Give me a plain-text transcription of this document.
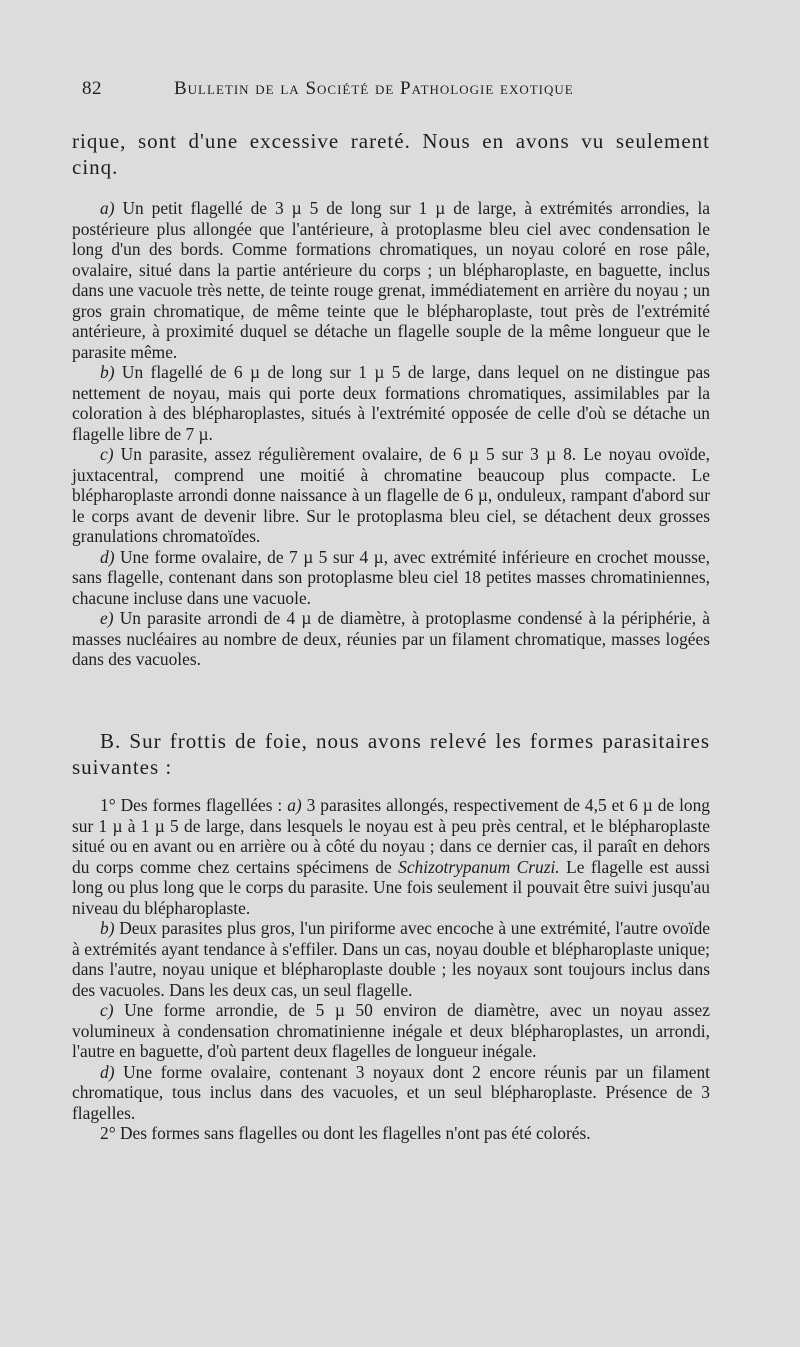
82	Bulletin de la Société de Pathologie exotique

rique, sont d'une excessive rareté. Nous en avons vu seulement cinq.

a) Un petit flagellé de 3 µ 5 de long sur 1 µ de large, à extrémités arrondies, la postérieure plus allongée que l'antérieure, à protoplasme bleu ciel avec condensation le long d'un des bords. Comme formations chromatiques, un noyau coloré en rose pâle, ovalaire, situé dans la partie antérieure du corps ; un blépharoplaste, en baguette, inclus dans une vacuole très nette, de teinte rouge grenat, immédiatement en arrière du noyau ; un gros grain chromatique, de même teinte que le blépharoplaste, tout près de l'extrémité antérieure, à proximité duquel se détache un flagelle souple de la même longueur que le parasite même.

b) Un flagellé de 6 µ de long sur 1 µ 5 de large, dans lequel on ne distingue pas nettement de noyau, mais qui porte deux formations chromatiques, assimilables par la coloration à des blépharoplastes, situés à l'extrémité opposée de celle d'où se détache un flagelle libre de 7 µ.

c) Un parasite, assez régulièrement ovalaire, de 6 µ 5 sur 3 µ 8. Le noyau ovoïde, juxtacentral, comprend une moitié à chromatine beaucoup plus compacte. Le blépharoplaste arrondi donne naissance à un flagelle de 6 µ, onduleux, rampant d'abord sur le corps avant de devenir libre. Sur le protoplasma bleu ciel, se détachent deux grosses granulations chromatoïdes.

d) Une forme ovalaire, de 7 µ 5 sur 4 µ, avec extrémité inférieure en crochet mousse, sans flagelle, contenant dans son protoplasme bleu ciel 18 petites masses chromatiniennes, chacune incluse dans une vacuole.

e) Un parasite arrondi de 4 µ de diamètre, à protoplasme condensé à la périphérie, à masses nucléaires au nombre de deux, réunies par un filament chromatique, masses logées dans des vacuoles.

B. Sur frottis de foie, nous avons relevé les formes parasitaires suivantes :

1° Des formes flagellées : a) 3 parasites allongés, respectivement de 4,5 et 6 µ de long sur 1 µ à 1 µ 5 de large, dans lesquels le noyau est à peu près central, et le blépharoplaste situé ou en avant ou en arrière ou à côté du noyau ; dans ce dernier cas, il paraît en dehors du corps comme chez certains spécimens de Schizotrypanum Cruzi. Le flagelle est aussi long ou plus long que le corps du parasite. Une fois seulement il pouvait être suivi jusqu'au niveau du blépharoplaste.

b) Deux parasites plus gros, l'un piriforme avec encoche à une extrémité, l'autre ovoïde à extrémités ayant tendance à s'effiler. Dans un cas, noyau double et blépharoplaste unique; dans l'autre, noyau unique et blépharoplaste double ; les noyaux sont toujours inclus dans des vacuoles. Dans les deux cas, un seul flagelle.

c) Une forme arrondie, de 5 µ 50 environ de diamètre, avec un noyau assez volumineux à condensation chromatinienne inégale et deux blépharoplastes, un arrondi, l'autre en baguette, d'où partent deux flagelles de longueur inégale.

d) Une forme ovalaire, contenant 3 noyaux dont 2 encore réunis par un filament chromatique, tous inclus dans des vacuoles, et un seul blépharoplaste. Présence de 3 flagelles.

2° Des formes sans flagelles ou dont les flagelles n'ont pas été colorés.
